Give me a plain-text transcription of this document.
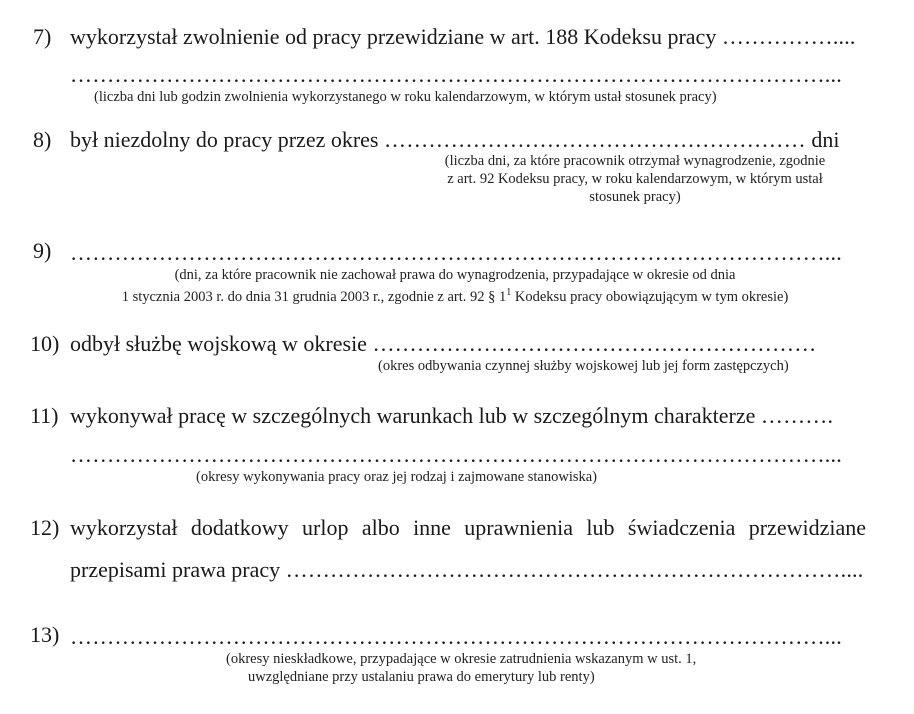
7) wykorzystał zwolnienie od pracy przewidziane w art. 188 Kodeksu pracy ……………....
…………………………………………………………………………………………...
(liczba dni lub godzin zwolnienia wykorzystanego w roku kalendarzowym, w którym ustał stosunek pracy)
8) był niezdolny do pracy przez okres ………………………………………………… dni
(liczba dni, za które pracownik otrzymał wynagrodzenie, zgodnie
z art. 92 Kodeksu pracy, w roku kalendarzowym, w którym ustał
stosunek pracy)
9) …………………………………………………………………………………………...
(dni, za które pracownik nie zachował prawa do wynagrodzenia, przypadające w okresie od dnia
1 stycznia 2003 r. do dnia 31 grudnia 2003 r., zgodnie z art. 92 § $1^1$ Kodeksu pracy obowiązującym w tym okresie)
10) odbył służbę wojskową w okresie ……………………………………………………
(okres odbywania czynnej służby wojskowej lub jej form zastępczych)
11) wykonywał pracę w szczególnych warunkach lub w szczególnym charakterze ……….
…………………………………………………………………………………………...
(okresy wykonywania pracy oraz jej rodzaj i zajmowane stanowiska)
12) wykorzystał dodatkowy urlop albo inne uprawnienia lub świadczenia przewidziane
przepisami prawa pracy …………………………………………………………………....
13) …………………………………………………………………………………………...
(okresy nieskładkowe, przypadające w okresie zatrudnienia wskazanym w ust. 1,
uwzględniane przy ustalaniu prawa do emerytury lub renty)
